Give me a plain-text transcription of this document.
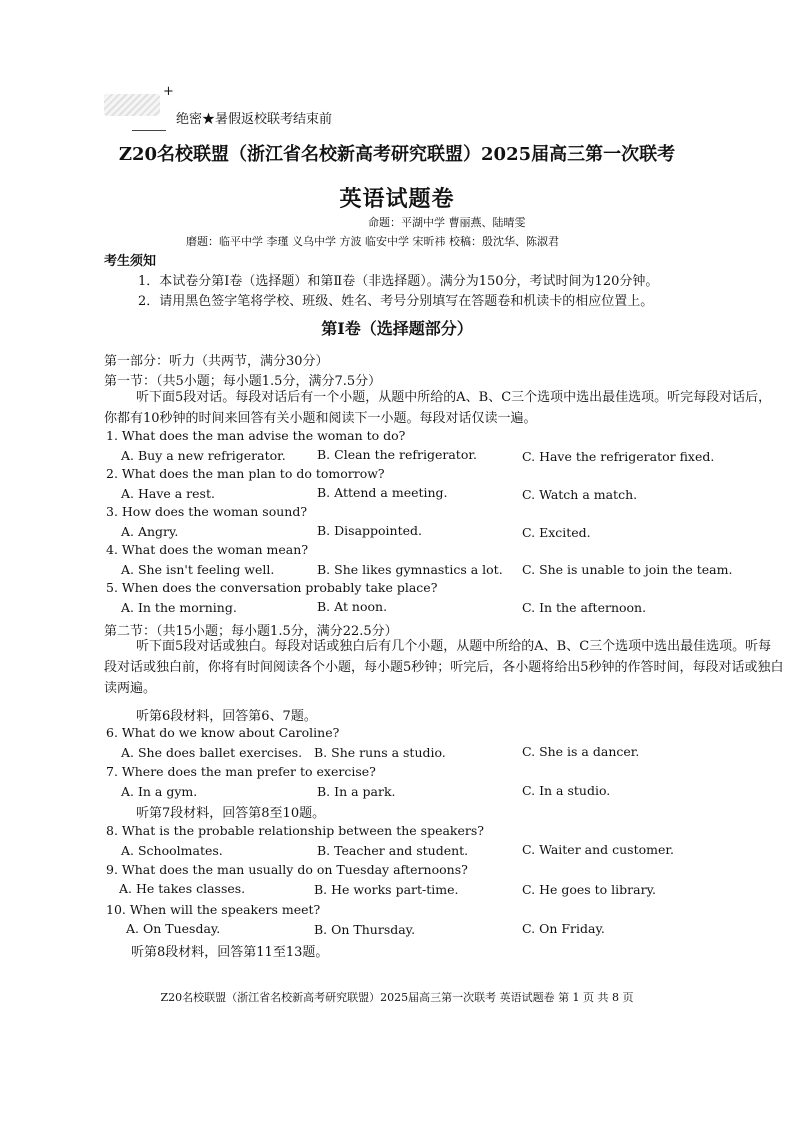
+
绝密★暑假返校联考结束前
Z20名校联盟（浙江省名校新高考研究联盟）2025届高三第一次联考
英语试题卷
命题：平湖中学 曹丽燕、陆晴雯
磨题：临平中学 李瑾 义乌中学 方波 临安中学 宋昕祎 校稿：殷沈华、陈淑君
考生须知
1．本试卷分第Ⅰ卷（选择题）和第Ⅱ卷（非选择题）。满分为150分，考试时间为120分钟。
2．请用黑色签字笔将学校、班级、姓名、考号分别填写在答题卷和机读卡的相应位置上。
第Ⅰ卷（选择题部分）
第一部分：听力（共两节，满分30分）
第一节：（共5小题；每小题1.5分，满分7.5分）
听下面5段对话。每段对话后有一个小题，从题中所给的A、B、C三个选项中选出最佳选项。听完每段对话后，你都有10秒钟的时间来回答有关小题和阅读下一小题。每段对话仅读一遍。
1. What does the man advise the woman to do?
A. Buy a new refrigerator.	B. Clean the refrigerator.	C. Have the refrigerator fixed.
2. What does the man plan to do tomorrow?
A. Have a rest.	B. Attend a meeting.	C. Watch a match.
3. How does the woman sound?
A. Angry.	B. Disappointed.	C. Excited.
4. What does the woman mean?
A. She isn't feeling well.	B. She likes gymnastics a lot. C. She is unable to join the team.
5. When does the conversation probably take place?
A. In the morning.	B. At noon.	C. In the afternoon.
第二节：（共15小题；每小题1.5分，满分22.5分）
听下面5段对话或独白。每段对话或独白后有几个小题，从题中所给的A、B、C三个选项中选出最佳选项。听每段对话或独白前，你将有时间阅读各个小题，每小题5秒钟；听完后，各小题将给出5秒钟的作答时间，每段对话或独白读两遍。
听第6段材料，回答第6、7题。
6. What do we know about Caroline?
A. She does ballet exercises. B. She runs a studio.	C. She is a dancer.
7. Where does the man prefer to exercise?
A. In a gym.	B. In a park.	C. In a studio.
听第7段材料，回答第8至10题。
8. What is the probable relationship between the speakers?
A. Schoolmates.	B. Teacher and student.	C. Waiter and customer.
9. What does the man usually do on Tuesday afternoons?
A. He takes classes.	B. He works part-time.	C. He goes to library.
10. When will the speakers meet?
A. On Tuesday.	B. On Thursday.	C. On Friday.
听第8段材料，回答第11至13题。
Z20名校联盟（浙江省名校新高考研究联盟）2025届高三第一次联考 英语试题卷 第 1 页 共 8 页
